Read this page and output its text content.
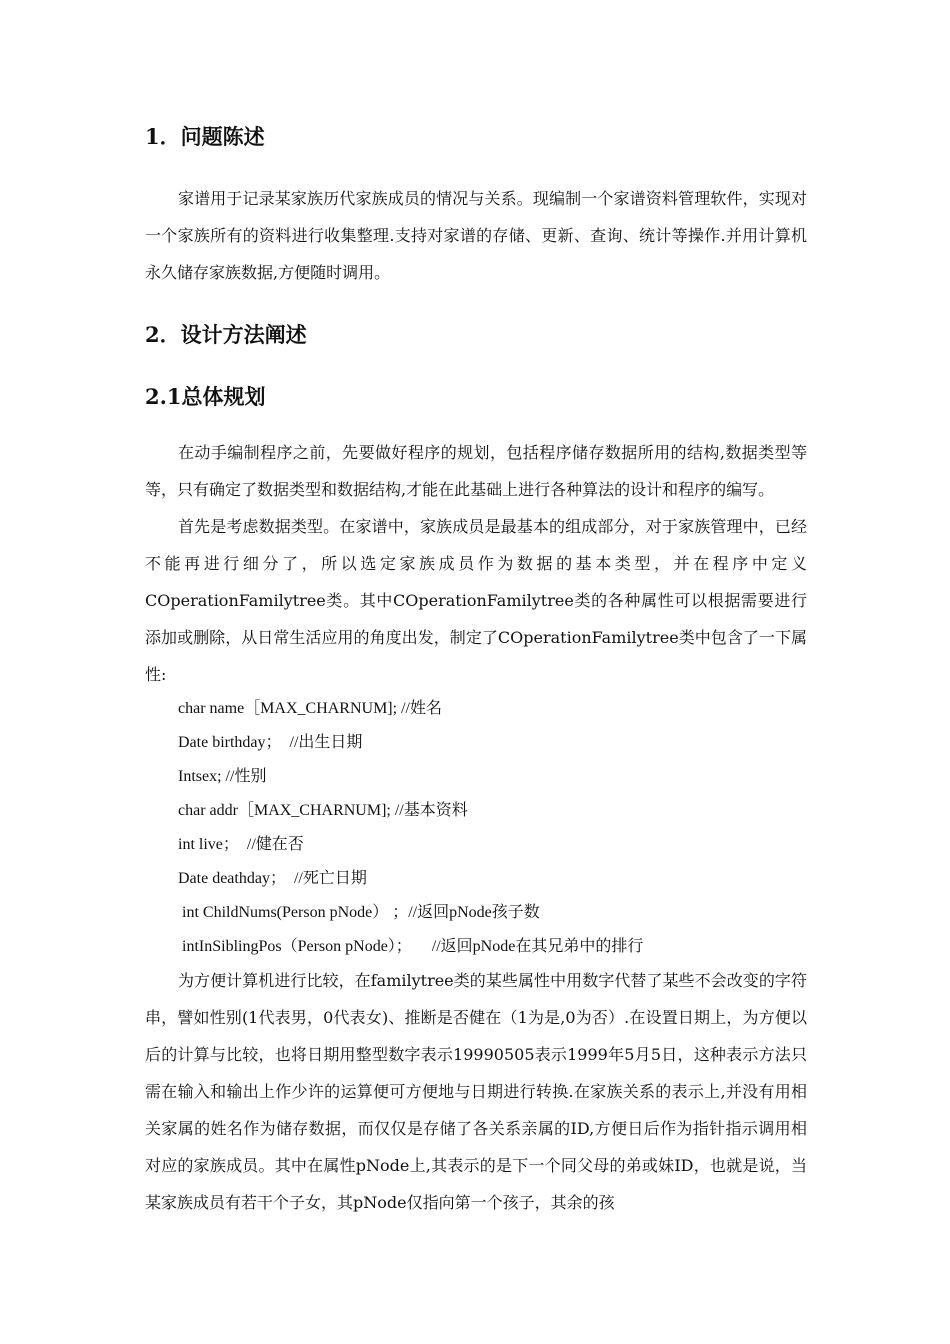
1．问题陈述

家谱用于记录某家族历代家族成员的情况与关系。现编制一个家谱资料管理软件，实现对一个家族所有的资料进行收集整理.支持对家谱的存储、更新、查询、统计等操作.并用计算机永久储存家族数据,方便随时调用。

2．设计方法阐述
2.1总体规划

在动手编制程序之前，先要做好程序的规划，包括程序储存数据所用的结构,数据类型等等，只有确定了数据类型和数据结构,才能在此基础上进行各种算法的设计和程序的编写。

首先是考虑数据类型。在家谱中，家族成员是最基本的组成部分，对于家族管理中，已经不能再进行细分了，所以选定家族成员作为数据的基本类型，并在程序中定义COperationFamilytree类。其中COperationFamilytree类的各种属性可以根据需要进行添加或删除，从日常生活应用的角度出发，制定了COperationFamilytree类中包含了一下属性:

char name［MAX_CHARNUM]; //姓名
Date birthday；  //出生日期
Intsex; //性别
char addr［MAX_CHARNUM]; //基本资料
int live；  //健在否
Date deathday；  //死亡日期
int ChildNums(Person pNode） ；//返回pNode孩子数
intInSiblingPos（Person pNode）；     //返回pNode在其兄弟中的排行

为方便计算机进行比较，在familytree类的某些属性中用数字代替了某些不会改变的字符串，譬如性别(1代表男，0代表女)、推断是否健在（1为是,0为否）.在设置日期上，为方便以后的计算与比较，也将日期用整型数字表示19990505表示1999年5月5日，这种表示方法只需在输入和输出上作少许的运算便可方便地与日期进行转换.在家族关系的表示上,并没有用相关家属的姓名作为储存数据，而仅仅是存储了各关系亲属的ID,方便日后作为指针指示调用相对应的家族成员。其中在属性pNode上,其表示的是下一个同父母的弟或妹ID，也就是说，当某家族成员有若干个子女，其pNode仅指向第一个孩子，其余的孩
